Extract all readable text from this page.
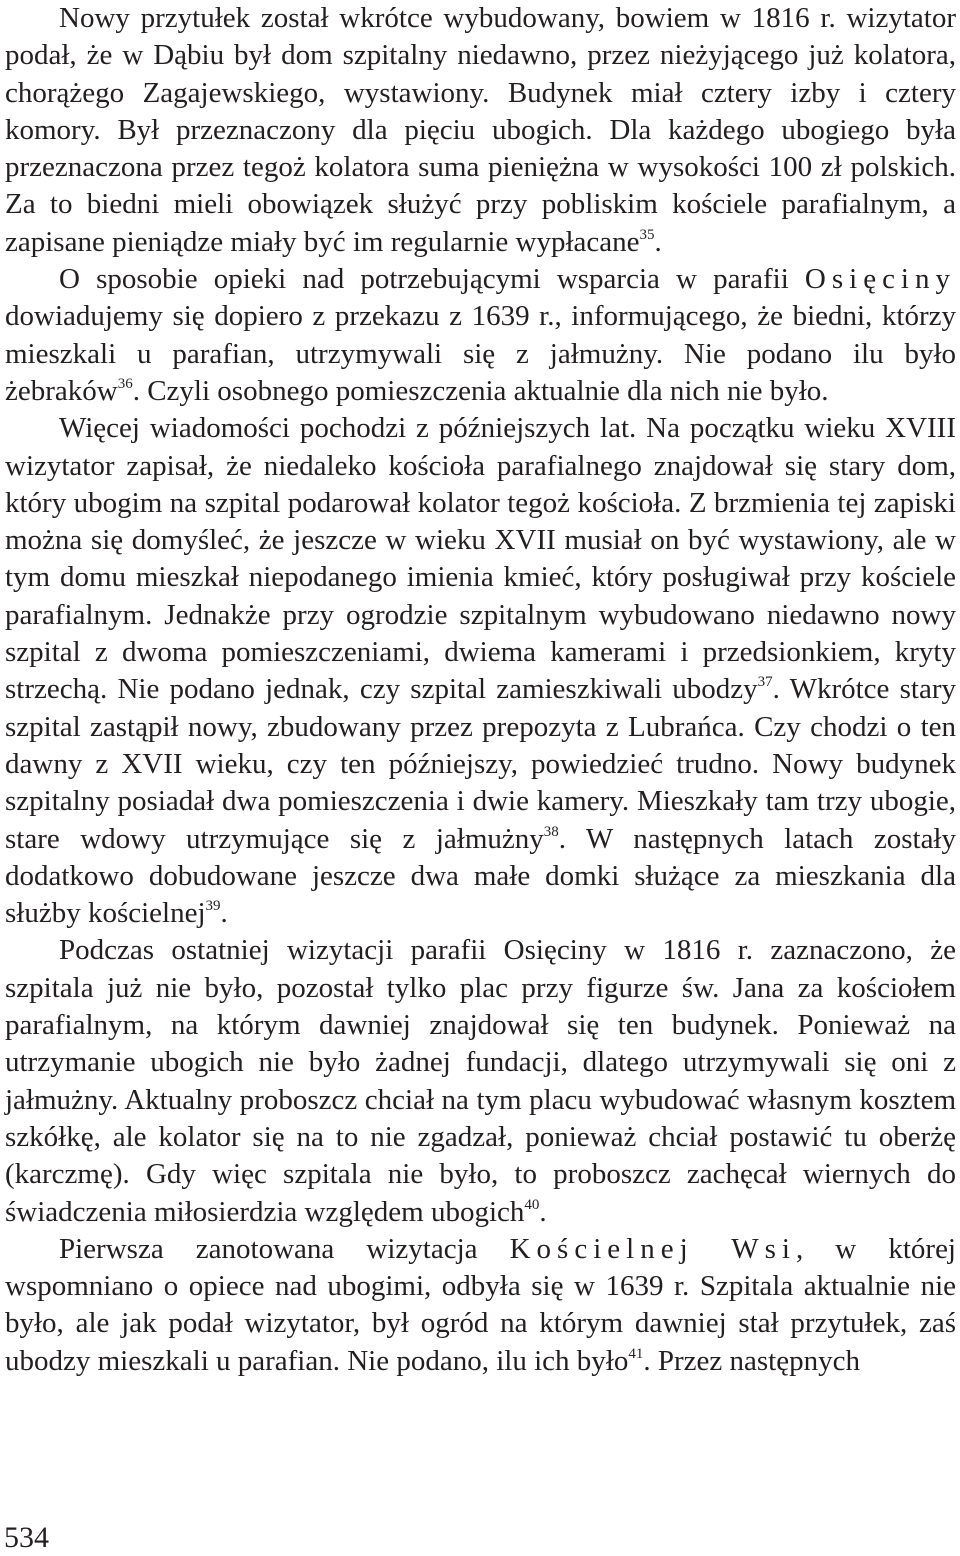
Nowy przytułek został wkrótce wybudowany, bowiem w 1816 r. wizytator podał, że w Dąbiu był dom szpitalny niedawno, przez nieżyjącego już kolatora, chorążego Zagajewskiego, wystawiony. Budynek miał cztery izby i cztery komory. Był przeznaczony dla pięciu ubogich. Dla każdego ubogiego była przeznaczona przez tegoż kolatora suma pieniężna w wysokości 100 zł polskich. Za to biedni mieli obowiązek służyć przy pobliskim kościele parafialnym, a zapisane pieniądze miały być im regularnie wypłacane$^{35}$.

O sposobie opieki nad potrzebującymi wsparcia w parafii Osięciny dowiadujemy się dopiero z przekazu z 1639 r., informującego, że biedni, którzy mieszkali u parafian, utrzymywali się z jałmużny. Nie podano ilu było żebraków$^{36}$. Czyli osobnego pomieszczenia aktualnie dla nich nie było.

Więcej wiadomości pochodzi z późniejszych lat. Na początku wieku XVIII wizytator zapisał, że niedaleko kościoła parafialnego znajdował się stary dom, który ubogim na szpital podarował kolator tegoż kościoła. Z brzmienia tej zapiski można się domyśleć, że jeszcze w wieku XVII musiał on być wystawiony, ale w tym domu mieszkał niepodanego imienia kmieć, który posługiwał przy kościele parafialnym. Jednakże przy ogrodzie szpitalnym wybudowano niedawno nowy szpital z dwoma pomieszczeniami, dwiema kamerami i przedsionkiem, kryty strzechą. Nie podano jednak, czy szpital zamieszkiwali ubodzy$^{37}$. Wkrótce stary szpital zastąpił nowy, zbudowany przez prepozyta z Lubrańca. Czy chodzi o ten dawny z XVII wieku, czy ten późniejszy, powiedzieć trudno. Nowy budynek szpitalny posiadał dwa pomieszczenia i dwie kamery. Mieszkały tam trzy ubogie, stare wdowy utrzymujące się z jałmużny$^{38}$. W następnych latach zostały dodatkowo dobudowane jeszcze dwa małe domki służące za mieszkania dla służby kościelnej$^{39}$.

Podczas ostatniej wizytacji parafii Osięciny w 1816 r. zaznaczono, że szpitala już nie było, pozostał tylko plac przy figurze św. Jana za kościołem parafialnym, na którym dawniej znajdował się ten budynek. Ponieważ na utrzymanie ubogich nie było żadnej fundacji, dlatego utrzymywali się oni z jałmużny. Aktualny proboszcz chciał na tym placu wybudować własnym kosztem szkółkę, ale kolator się na to nie zgadzał, ponieważ chciał postawić tu oberżę (karczmę). Gdy więc szpitala nie było, to proboszcz zachęcał wiernych do świadczenia miłosierdzia względem ubogich$^{40}$.

Pierwsza zanotowana wizytacja Kościelnej Wsi, w której wspomniano o opiece nad ubogimi, odbyła się w 1639 r. Szpitala aktualnie nie było, ale jak podał wizytator, był ogród na którym dawniej stał przytułek, zaś ubodzy mieszkali u parafian. Nie podano, ilu ich było$^{41}$. Przez następnych

534
